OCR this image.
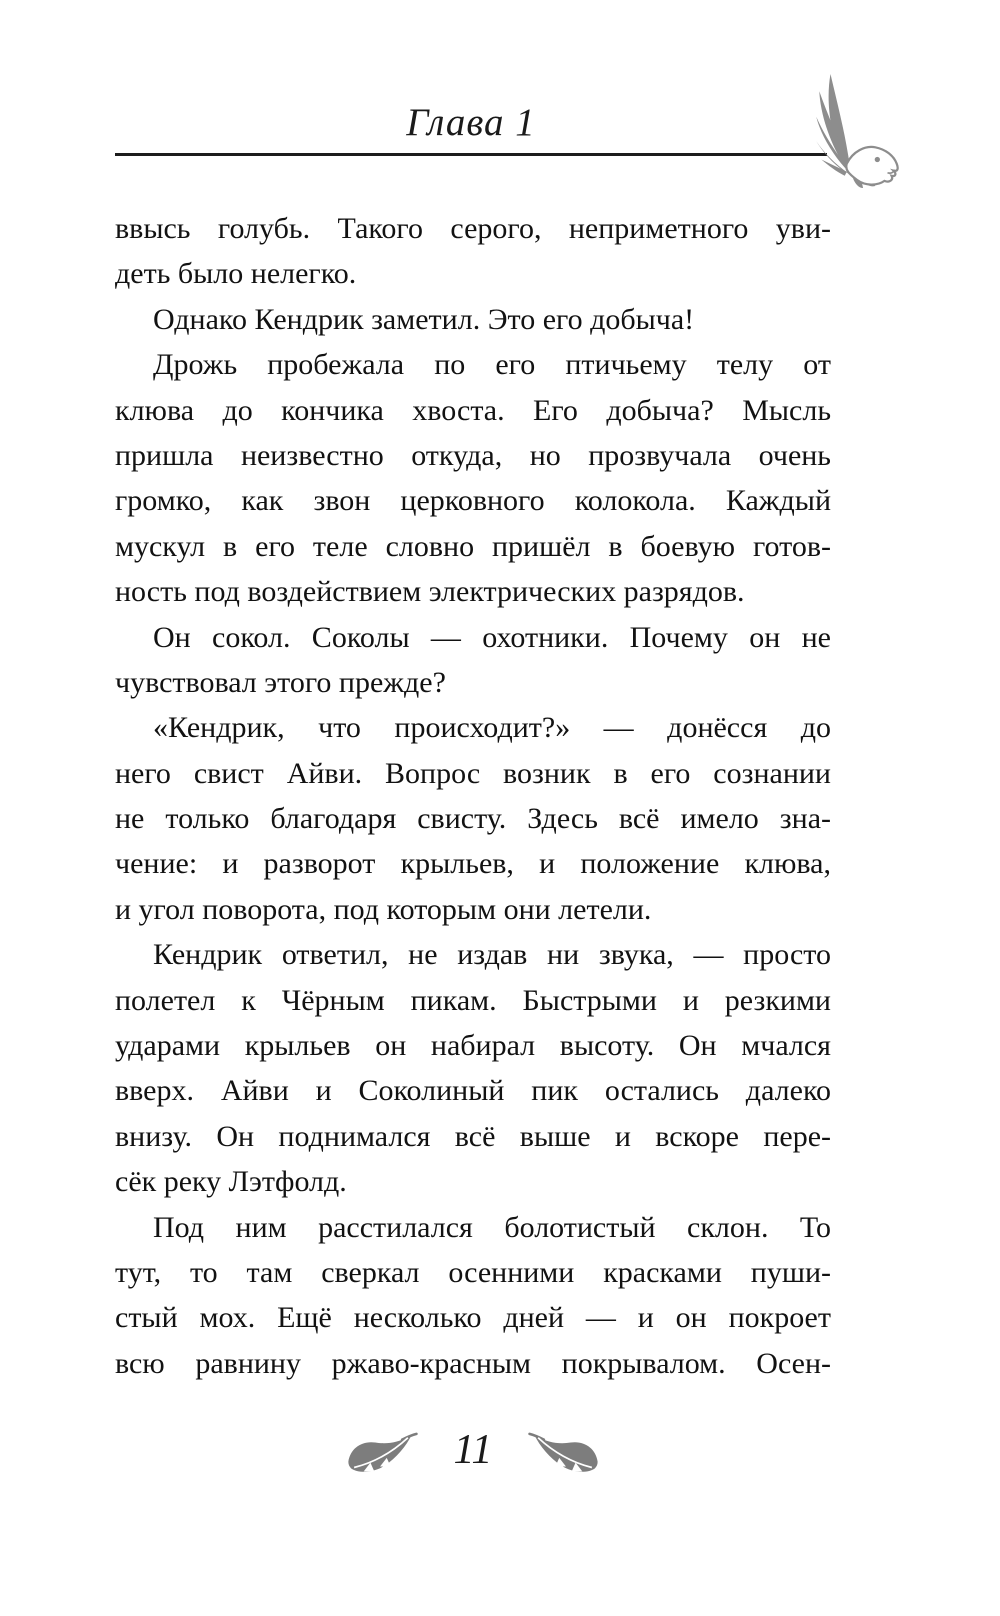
Глава 1
ввысь голубь. Такого серого, неприметного уви-
деть было нелегко.
Однако Кендрик заметил. Это его добыча!
Дрожь пробежала по его птичьему телу от
клюва до кончика хвоста. Его добыча? Мысль
пришла неизвестно откуда, но прозвучала очень
громко, как звон церковного колокола. Каждый
мускул в его теле словно пришёл в боевую готов-
ность под воздействием электрических разрядов.
Он сокол. Соколы — охотники. Почему он не
чувствовал этого прежде?
«Кендрик, что происходит?» — донёсся до
него свист Айви. Вопрос возник в его сознании
не только благодаря свисту. Здесь всё имело зна-
чение: и разворот крыльев, и положение клюва,
и угол поворота, под которым они летели.
Кендрик ответил, не издав ни звука, — просто
полетел к Чёрным пикам. Быстрыми и резкими
ударами крыльев он набирал высоту. Он мчался
вверх. Айви и Соколиный пик остались далеко
внизу. Он поднимался всё выше и вскоре пере-
сёк реку Лэтфолд.
Под ним расстилался болотистый склон. То
тут, то там сверкал осенними красками пуши-
стый мох. Ещё несколько дней — и он покроет
всю равнину ржаво-красным покрывалом. Осен-
11
